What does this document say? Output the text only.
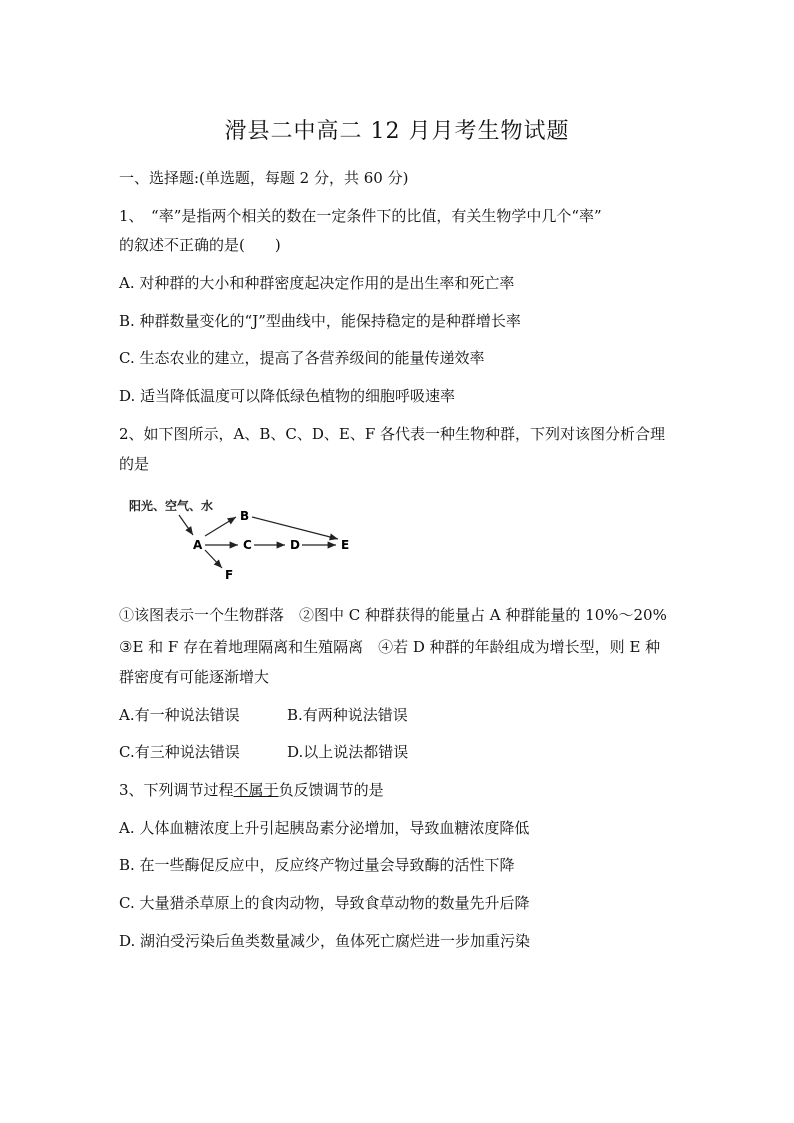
滑县二中高二 12 月月考生物试题
一、选择题:(单选题，每题 2 分，共 60 分)
1、　“率”是指两个相关的数在一定条件下的比值，有关生物学中几个“率”
的叙述不正确的是(　　)
A. 对种群的大小和种群密度起决定作用的是出生率和死亡率
B. 种群数量变化的“J”型曲线中，能保持稳定的是种群增长率
C. 生态农业的建立，提高了各营养级间的能量传递效率
D. 适当降低温度可以降低绿色植物的细胞呼吸速率
2、如下图所示，A、B、C、D、E、F 各代表一种生物种群，下列对该图分析合理
的是
阳光、空气、水
A
B
C	D	E
F
①该图表示一个生物群落　②图中 C 种群获得的能量占 A 种群能量的 10%～20%
③E 和 F 存在着地理隔离和生殖隔离　④若 D 种群的年龄组成为增长型，则 E 种
群密度有可能逐渐增大
A.有一种说法错误	B.有两种说法错误
C.有三种说法错误	D.以上说法都错误
3、下列调节过程不属于负反馈调节的是
A. 人体血糖浓度上升引起胰岛素分泌增加，导致血糖浓度降低
B. 在一些酶促反应中，反应终产物过量会导致酶的活性下降
C. 大量猎杀草原上的食肉动物，导致食草动物的数量先升后降
D. 湖泊受污染后鱼类数量减少，鱼体死亡腐烂进一步加重污染
